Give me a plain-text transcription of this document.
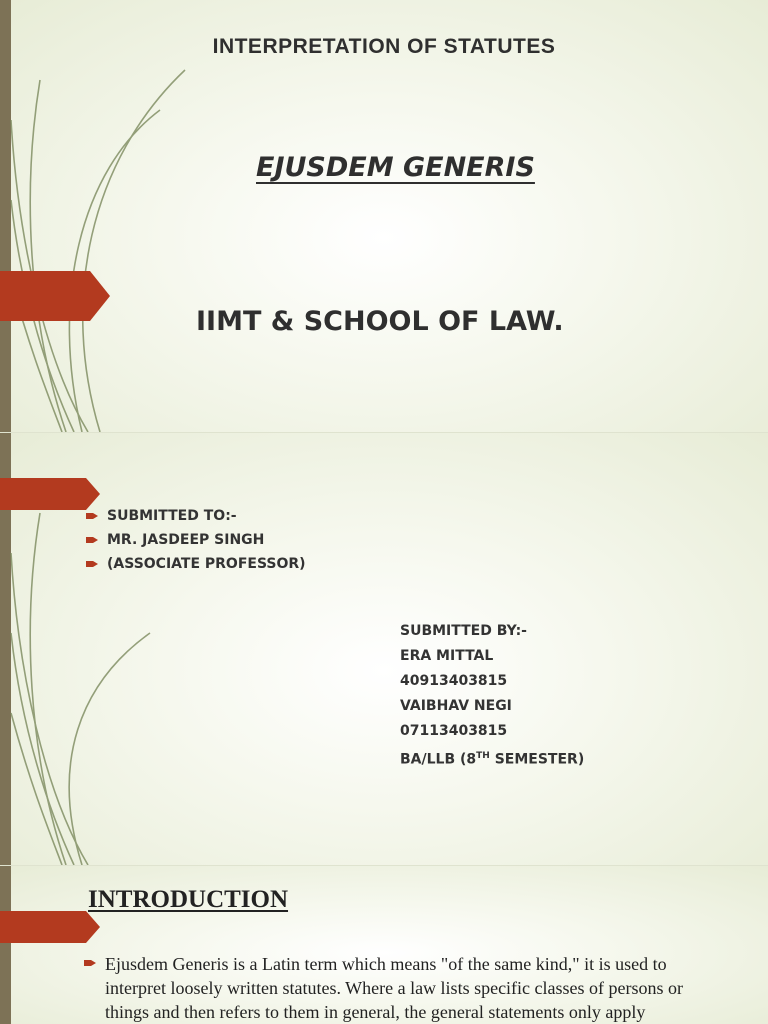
INTERPRETATION OF STATUTES
EJUSDEM GENERIS
IIMT & SCHOOL OF LAW.
SUBMITTED TO:-
MR. JASDEEP SINGH
(ASSOCIATE PROFESSOR)
SUBMITTED BY:-
ERA MITTAL
40913403815
VAIBHAV NEGI
07113403815
BA/LLB (8TH SEMESTER)
INTRODUCTION
Ejusdem Generis is a Latin term which means "of the same kind," it is used to interpret loosely written statutes. Where a law lists specific classes of persons or things and then refers to them in general, the general statements only apply
